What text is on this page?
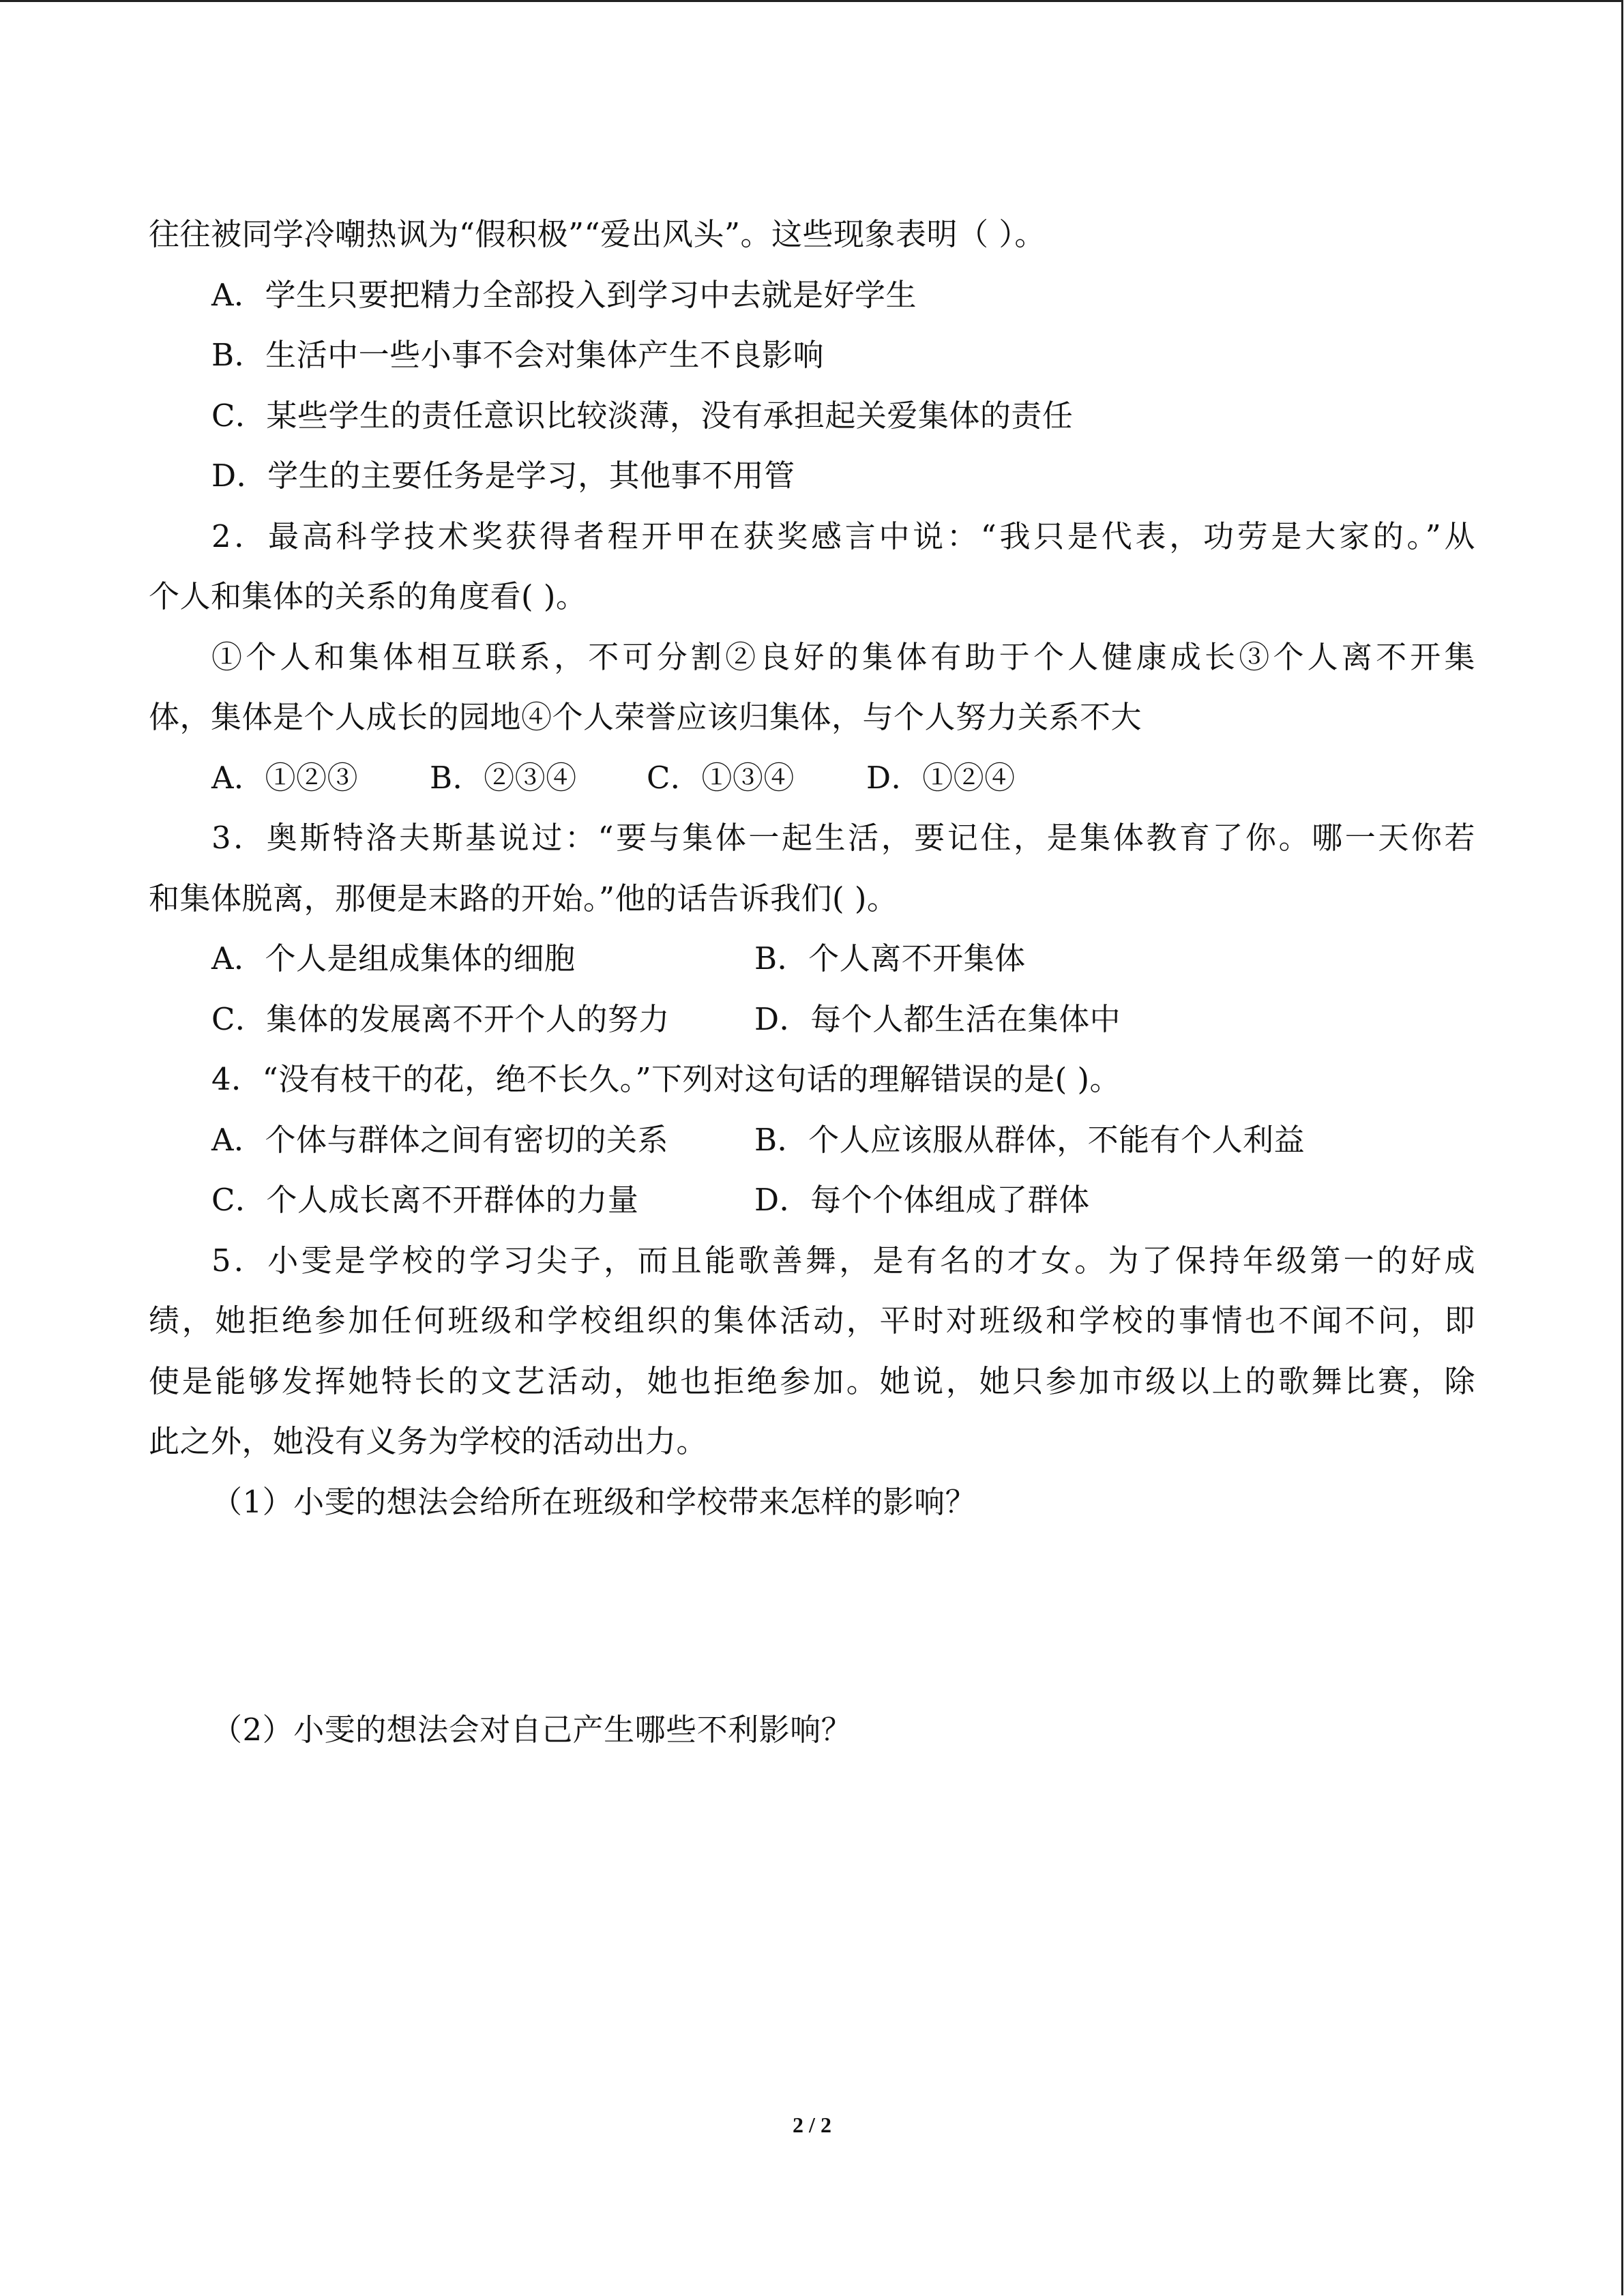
往往被同学冷嘲热讽为“假积极”“爱出风头”。这些现象表明（ ）。
A．学生只要把精力全部投入到学习中去就是好学生
B．生活中一些小事不会对集体产生不良影响
C．某些学生的责任意识比较淡薄，没有承担起关爱集体的责任
D．学生的主要任务是学习，其他事不用管
2．最高科学技术奖获得者程开甲在获奖感言中说：“我只是代表，功劳是大家的。”从
个人和集体的关系的角度看( )。
①个人和集体相互联系，不可分割②良好的集体有助于个人健康成长③个人离不开集
体，集体是个人成长的园地④个人荣誉应该归集体，与个人努力关系不大
A．①②③	B．②③④	C．①③④	D．①②④
3．奥斯特洛夫斯基说过：“要与集体一起生活，要记住，是集体教育了你。哪一天你若
和集体脱离，那便是末路的开始。”他的话告诉我们( )。
A．个人是组成集体的细胞	B．个人离不开集体
C．集体的发展离不开个人的努力	D．每个人都生活在集体中
4．“没有枝干的花，绝不长久。”下列对这句话的理解错误的是( )。
A．个体与群体之间有密切的关系	B．个人应该服从群体，不能有个人利益
C．个人成长离不开群体的力量	D．每个个体组成了群体
5．小雯是学校的学习尖子，而且能歌善舞，是有名的才女。为了保持年级第一的好成
绩，她拒绝参加任何班级和学校组织的集体活动，平时对班级和学校的事情也不闻不问，即
使是能够发挥她特长的文艺活动，她也拒绝参加。她说，她只参加市级以上的歌舞比赛，除
此之外，她没有义务为学校的活动出力。
（1）小雯的想法会给所在班级和学校带来怎样的影响？
（2）小雯的想法会对自己产生哪些不利影响？
2 / 2
